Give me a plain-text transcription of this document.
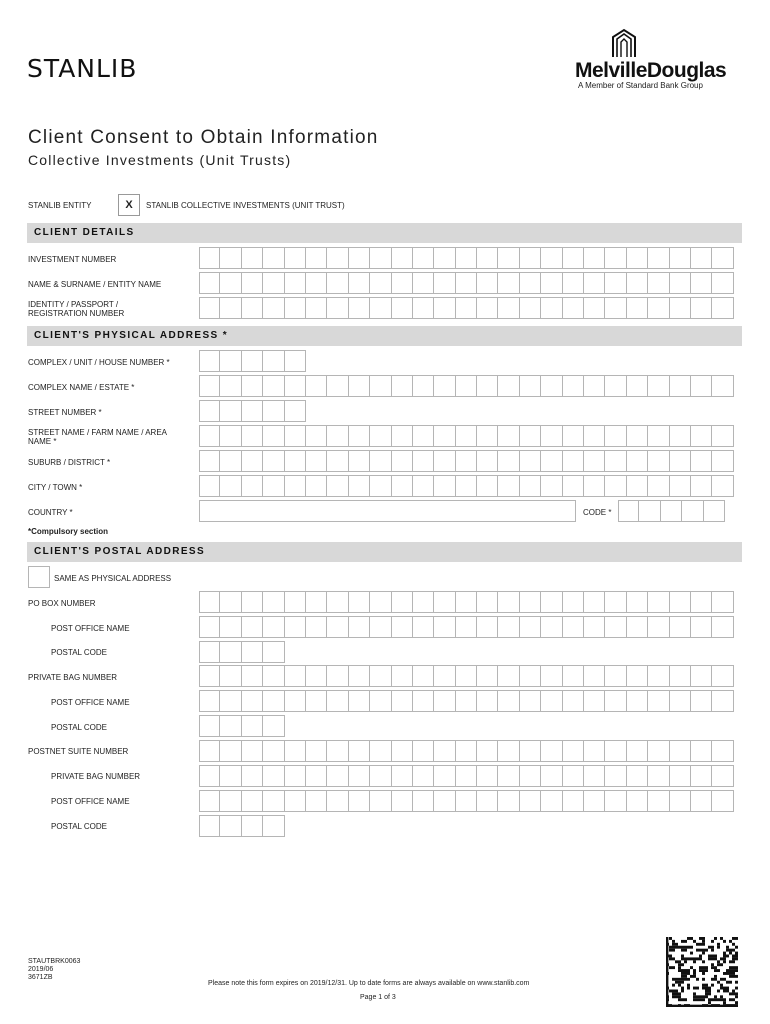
STANLIB	MelvilleDouglas
A Member of Standard Bank Group
Client Consent to Obtain Information
Collective Investments (Unit Trusts)
STANLIB ENTITY	X	STANLIB COLLECTIVE INVESTMENTS (UNIT TRUST)
CLIENT DETAILS
INVESTMENT NUMBER
NAME & SURNAME / ENTITY NAME
IDENTITY / PASSPORT /
REGISTRATION NUMBER
CLIENT'S PHYSICAL ADDRESS *
COMPLEX / UNIT / HOUSE NUMBER *
COMPLEX NAME / ESTATE *
STREET NUMBER *
STREET NAME / FARM NAME / AREA
NAME *
SUBURB / DISTRICT *
CITY / TOWN *
COUNTRY *	CODE *
*Compulsory section
CLIENT'S POSTAL ADDRESS
SAME AS PHYSICAL ADDRESS
PO BOX NUMBER
POST OFFICE NAME
POSTAL CODE
PRIVATE BAG NUMBER
POST OFFICE NAME
POSTAL CODE
POSTNET SUITE NUMBER
PRIVATE BAG NUMBER
POST OFFICE NAME
POSTAL CODE
STAUTBRK0063
2019/06
3671ZB
Please note this form expires on 2019/12/31. Up to date forms are always available on www.stanlib.com
Page 1 of 3
